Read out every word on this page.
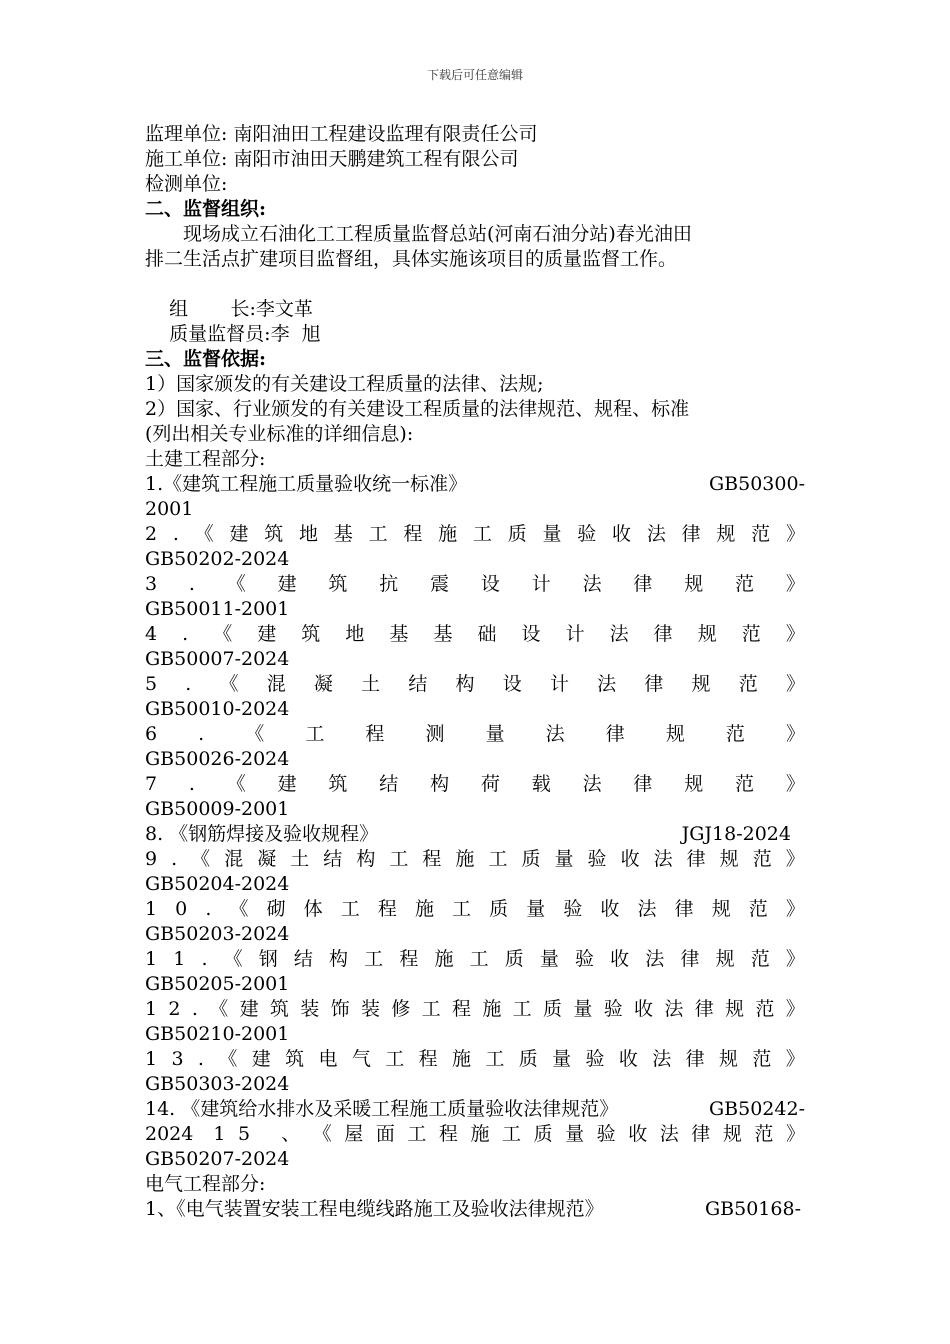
下载后可任意编辑
监理单位: 南阳油田工程建设监理有限责任公司
施工单位: 南阳市油田天鹏建筑工程有限公司
检测单位:
二、监督组织:
现场成立石油化工工程质量监督总站(河南石油分站)春光油田
排二生活点扩建项目监督组，具体实施该项目的质量监督工作。

组       长:李文革

质量监督员:李  旭

三、监督依据:
1）国家颁发的有关建设工程质量的法律、法规;
2）国家、行业颁发的有关建设工程质量的法律规范、规程、标准
(列出相关专业标准的详细信息):
土建工程部分:
1.《建筑工程施工质量验收统一标准》	GB50300-
2001
2 . 《 建 筑 地 基 工 程 施 工 质 量 验 收 法 律 规 范 》
GB50202-2024
3 . 《 建 筑 抗 震 设 计 法 律 规 范 》
GB50011-2001
4 . 《 建 筑 地 基 基 础 设 计 法 律 规 范 》
GB50007-2024
5 . 《 混 凝 土 结 构 设 计 法 律 规 范 》
GB50010-2024
6 . 《 工 程 测 量 法 律 规 范 》
GB50026-2024
7 . 《 建 筑 结 构 荷 载 法 律 规 范 》
GB50009-2001
8. 《钢筋焊接及验收规程》	JGJ18-2024
9 . 《 混 凝 土 结 构 工 程 施 工 质 量 验 收 法 律 规 范 》
GB50204-2024
1 0 . 《 砌 体 工 程 施 工 质 量 验 收 法 律 规 范 》
GB50203-2024
1 1 . 《 钢 结 构 工 程 施 工 质 量 验 收 法 律 规 范 》
GB50205-2001
1 2 . 《 建 筑 装 饰 装 修 工 程 施 工 质 量 验 收 法 律 规 范 》
GB50210-2001
1 3 . 《 建 筑 电 气 工 程 施 工 质 量 验 收 法 律 规 范 》
GB50303-2024
14. 《建筑给水排水及采暖工程施工质量验收法律规范》	GB50242-
2024 1 5
、 《 屋 面 工 程 施 工 质 量 验 收 法 律 规 范 》
GB50207-2024
电气工程部分:
1、《电气装置安装工程电缆线路施工及验收法律规范》	GB50168-
